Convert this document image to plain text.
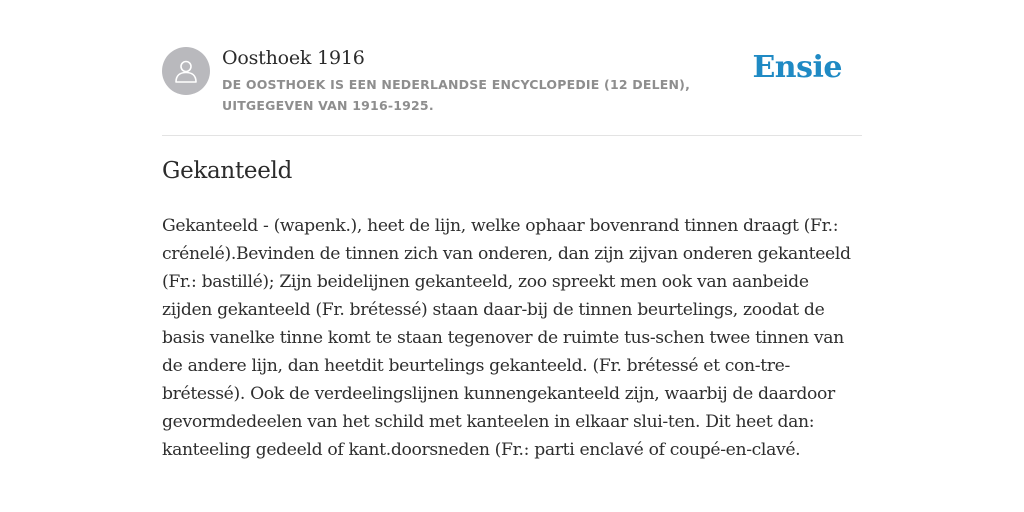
Oosthoek 1916
DE OOSTHOEK IS EEN NEDERLANDSE ENCYCLOPEDIE (12 DELEN), UITGEGEVEN VAN 1916-1925.
Ensie
Gekanteeld

Gekanteeld - (wapenk.), heet de lijn, welke ophaar bovenrand tinnen draagt (Fr.: crénelé).Bevinden de tinnen zich van onderen, dan zijn zijvan onderen gekanteeld (Fr.: bastillé); Zijn beidelijnen gekanteeld, zoo spreekt men ook van aanbeide zijden gekanteeld (Fr. brétessé) staan daar-bij de tinnen beurtelings, zoodat de basis vanelke tinne komt te staan tegenover de ruimte tus-schen twee tinnen van de andere lijn, dan heetdit beurtelings gekanteeld. (Fr. brétessé et con-tre-brétessé). Ook de verdeelingslijnen kunnengekanteeld zijn, waarbij de daardoor gevormdedeelen van het schild met kanteelen in elkaar slui-ten. Dit heet dan: kanteeling gedeeld of kant.doorsneden (Fr.: parti enclavé of coupé-en-clavé.
